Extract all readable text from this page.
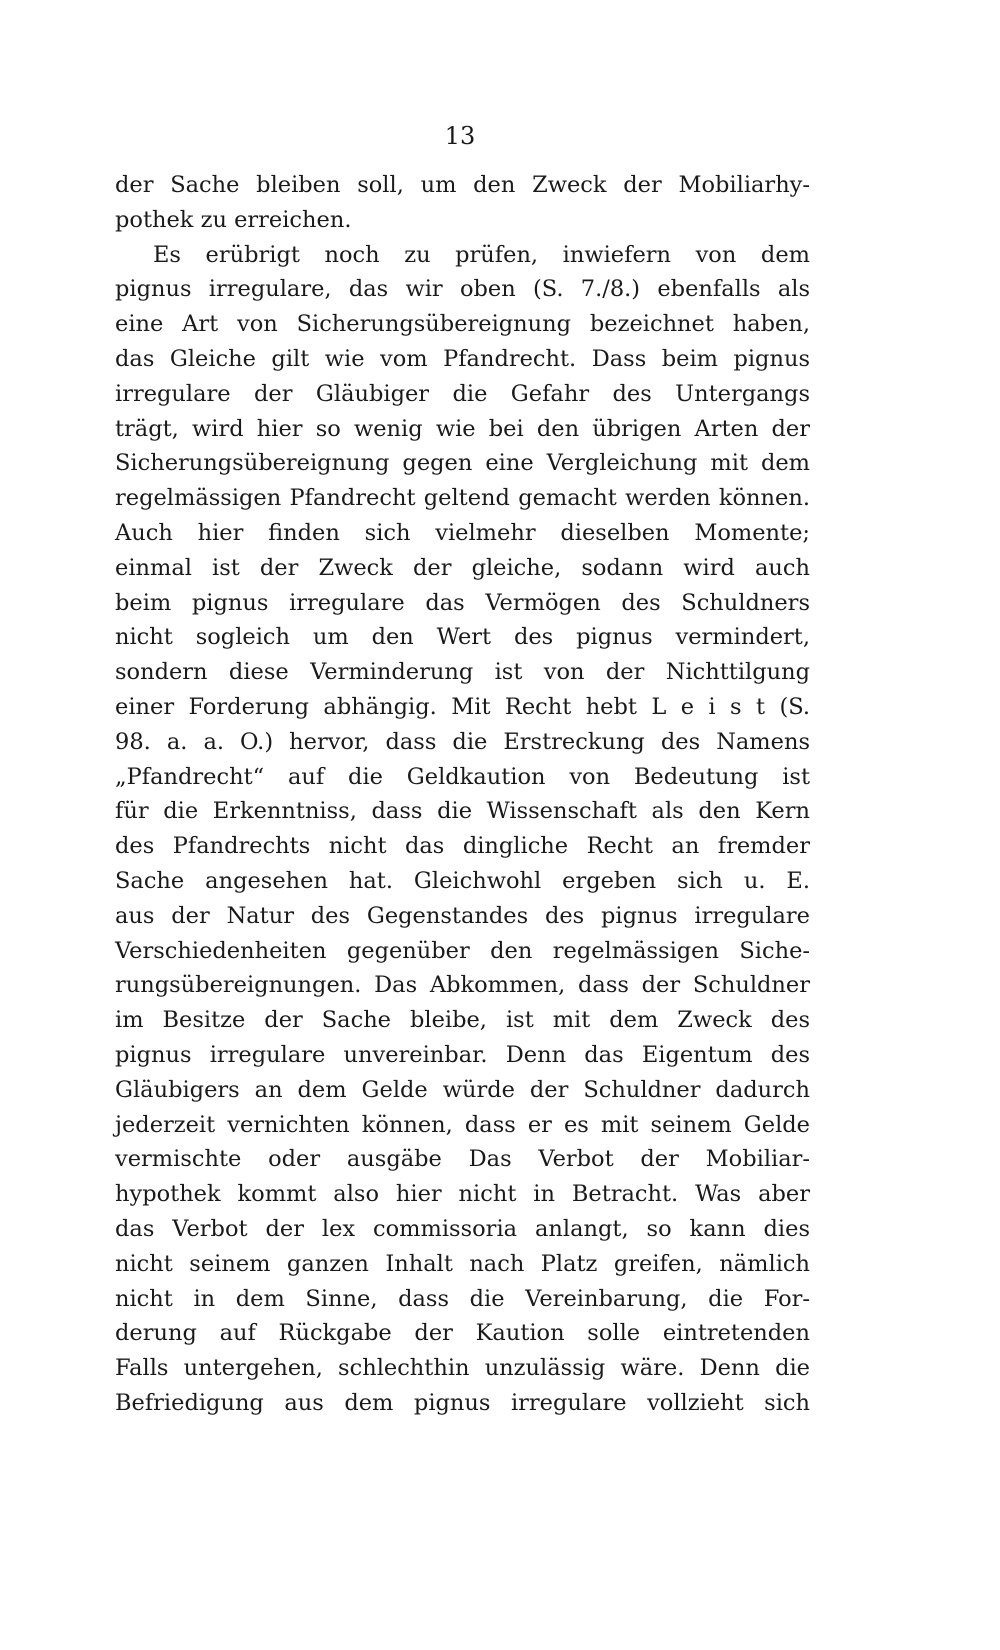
13
der Sache bleiben soll, um den Zweck der Mobiliarhy-
pothek zu erreichen.
Es erübrigt noch zu prüfen, inwiefern von dem
pignus irregulare, das wir oben (S. 7./8.) ebenfalls als
eine Art von Sicherungsübereignung bezeichnet haben,
das Gleiche gilt wie vom Pfandrecht. Dass beim pignus
irregulare der Gläubiger die Gefahr des Untergangs
trägt, wird hier so wenig wie bei den übrigen Arten der
Sicherungsübereignung gegen eine Vergleichung mit dem
regelmässigen Pfandrecht geltend gemacht werden können.
Auch hier finden sich vielmehr dieselben Momente;
einmal ist der Zweck der gleiche, sodann wird auch
beim pignus irregulare das Vermögen des Schuldners
nicht sogleich um den Wert des pignus vermindert,
sondern diese Verminderung ist von der Nichttilgung
einer Forderung abhängig. Mit Recht hebt L e i s t (S.
98. a. a. O.) hervor, dass die Erstreckung des Namens
„Pfandrecht“ auf die Geldkaution von Bedeutung ist
für die Erkenntniss, dass die Wissenschaft als den Kern
des Pfandrechts nicht das dingliche Recht an fremder
Sache angesehen hat. Gleichwohl ergeben sich u. E.
aus der Natur des Gegenstandes des pignus irregulare
Verschiedenheiten gegenüber den regelmässigen Siche-
rungsübereignungen. Das Abkommen, dass der Schuldner
im Besitze der Sache bleibe, ist mit dem Zweck des
pignus irregulare unvereinbar. Denn das Eigentum des
Gläubigers an dem Gelde würde der Schuldner dadurch
jederzeit vernichten können, dass er es mit seinem Gelde
vermischte oder ausgäbe Das Verbot der Mobiliar-
hypothek kommt also hier nicht in Betracht. Was aber
das Verbot der lex commissoria anlangt, so kann dies
nicht seinem ganzen Inhalt nach Platz greifen, nämlich
nicht in dem Sinne, dass die Vereinbarung, die For-
derung auf Rückgabe der Kaution solle eintretenden
Falls untergehen, schlechthin unzulässig wäre. Denn die
Befriedigung aus dem pignus irregulare vollzieht sich
